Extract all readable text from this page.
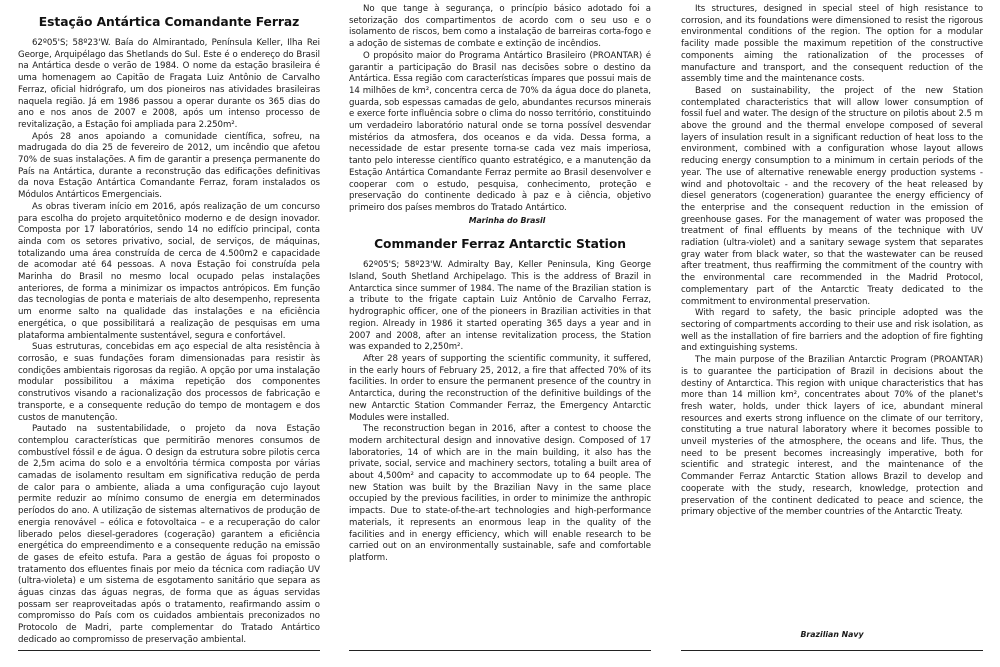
Estação Antártica Comandante Ferraz

62º05'S; 58º23'W. Baía do Almirantado, Península Keller, Ilha Rei George, Arquipélago das Shetlands do Sul. Este é o endereço do Brasil na Antártica desde o verão de 1984. O nome da estação brasileira é uma homenagem ao Capitão de Fragata Luiz Antônio de Carvalho Ferraz, oficial hidrógrafo, um dos pioneiros nas atividades brasileiras naquela região. Já em 1986 passou a operar durante os 365 dias do ano e nos anos de 2007 e 2008, após um intenso processo de revitalização, a Estação foi ampliada para 2.250m².

Após 28 anos apoiando a comunidade científica, sofreu, na madrugada do dia 25 de fevereiro de 2012, um incêndio que afetou 70% de suas instalações. A fim de garantir a presença permanente do País na Antártica, durante a reconstrução das edificações definitivas da nova Estação Antártica Comandante Ferraz, foram instalados os Módulos Antárticos Emergenciais.

As obras tiveram início em 2016, após realização de um concurso para escolha do projeto arquitetônico moderno e de design inovador. Composta por 17 laboratórios, sendo 14 no edifício principal, conta ainda com os setores privativo, social, de serviços, de máquinas, totalizando uma área construída de cerca de 4.500m2 e capacidade de acomodar até 64 pessoas. A nova Estação foi construída pela Marinha do Brasil no mesmo local ocupado pelas instalações anteriores, de forma a minimizar os impactos antrópicos. Em função das tecnologias de ponta e materiais de alto desempenho, representa um enorme salto na qualidade das instalações e na eficiência energética, o que possibilitará a realização de pesquisas em uma plataforma ambientalmente sustentável, segura e confortável.

Suas estruturas, concebidas em aço especial de alta resistência à corrosão, e suas fundações foram dimensionadas para resistir às condições ambientais rigorosas da região. A opção por uma instalação modular possibilitou a máxima repetição dos componentes construtivos visando a racionalização dos processos de fabricação e transporte, e a consequente redução do tempo de montagem e dos custos de manutenção.

Pautado na sustentabilidade, o projeto da nova Estação contemplou características que permitirão menores consumos de combustível fóssil e de água. O design da estrutura sobre pilotis cerca de 2,5m acima do solo e a envoltória térmica composta por várias camadas de isolamento resultam em significativa redução de perda de calor para o ambiente, aliada a uma configuração cujo layout permite reduzir ao mínimo consumo de energia em determinados períodos do ano. A utilização de sistemas alternativos de produção de energia renovável – eólica e fotovoltaica – e a recuperação do calor liberado pelos diesel-geradores (cogeração) garantem a eficiência energética do empreendimento e a consequente redução na emissão de gases de efeito estufa. Para a gestão de águas foi proposto o tratamento dos efluentes finais por meio da técnica com radiação UV (ultra-violeta) e um sistema de esgotamento sanitário que separa as águas cinzas das águas negras, de forma que as águas servidas possam ser reaproveitadas após o tratamento, reafirmando assim o compromisso do País com os cuidados ambientais preconizados no Protocolo de Madri, parte complementar do Tratado Antártico dedicado ao compromisso de preservação ambiental.

No que tange à segurança, o princípio básico adotado foi a setorização dos compartimentos de acordo com o seu uso e o isolamento de riscos, bem como a instalação de barreiras corta-fogo e a adoção de sistemas de combate e extinção de incêndios.

O propósito maior do Programa Antártico Brasileiro (PROANTAR) é garantir a participação do Brasil nas decisões sobre o destino da Antártica. Essa região com características ímpares que possui mais de 14 milhões de km², concentra cerca de 70% da água doce do planeta, guarda, sob espessas camadas de gelo, abundantes recursos minerais e exerce forte influência sobre o clima do nosso território, constituindo um verdadeiro laboratório natural onde se torna possível desvendar mistérios da atmosfera, dos oceanos e da vida. Dessa forma, a necessidade de estar presente torna-se cada vez mais imperiosa, tanto pelo interesse científico quanto estratégico, e a manutenção da Estação Antártica Comandante Ferraz permite ao Brasil desenvolver e cooperar com o estudo, pesquisa, conhecimento, proteção e preservação do continente dedicado à paz e à ciência, objetivo primeiro dos países membros do Tratado Antártico.

Marinha do Brasil

Commander Ferraz Antarctic Station

62º05'S; 58º23'W. Admiralty Bay, Keller Peninsula, King George Island, South Shetland Archipelago. This is the address of Brazil in Antarctica since summer of 1984. The name of the Brazilian station is a tribute to the frigate captain Luiz Antônio de Carvalho Ferraz, hydrographic officer, one of the pioneers in Brazilian activities in that region. Already in 1986 it started operating 365 days a year and in 2007 and 2008, after an intense revitalization process, the Station was expanded to 2,250m².

After 28 years of supporting the scientific community, it suffered, in the early hours of February 25, 2012, a fire that affected 70% of its facilities. In order to ensure the permanent presence of the country in Antarctica, during the reconstruction of the definitive buildings of the new Antarctic Station Commander Ferraz, the Emergency Antarctic Modules were installed.

The reconstruction began in 2016, after a contest to choose the modern architectural design and innovative design. Composed of 17 laboratories, 14 of which are in the main building, it also has the private, social, service and machinery sectors, totaling a built area of about 4,500m² and capacity to accommodate up to 64 people. The new Station was built by the Brazilian Navy in the same place occupied by the previous facilities, in order to minimize the anthropic impacts. Due to state-of-the-art technologies and high-performance materials, it represents an enormous leap in the quality of the facilities and in energy efficiency, which will enable research to be carried out on an environmentally sustainable, safe and comfortable platform.

Its structures, designed in special steel of high resistance to corrosion, and its foundations were dimensioned to resist the rigorous environmental conditions of the region. The option for a modular facility made possible the maximum repetition of the constructive components aiming the rationalization of the processes of manufacture and transport, and the consequent reduction of the assembly time and the maintenance costs.

Based on sustainability, the project of the new Station contemplated characteristics that will allow lower consumption of fossil fuel and water. The design of the structure on pilotis about 2.5 m above the ground and the thermal envelope composed of several layers of insulation result in a significant reduction of heat loss to the environment, combined with a configuration whose layout allows reducing energy consumption to a minimum in certain periods of the year. The use of alternative renewable energy production systems - wind and photovoltaic - and the recovery of the heat released by diesel generators (cogeneration) guarantee the energy efficiency of the enterprise and the consequent reduction in the emission of greenhouse gases. For the management of water was proposed the treatment of final effluents by means of the technique with UV radiation (ultra-violet) and a sanitary sewage system that separates gray water from black water, so that the wastewater can be reused after treatment, thus reaffirming the commitment of the country with the environmental care recommended in the Madrid Protocol, complementary part of the Antarctic Treaty dedicated to the commitment to environmental preservation.

With regard to safety, the basic principle adopted was the sectoring of compartments according to their use and risk isolation, as well as the installation of fire barriers and the adoption of fire fighting and extinguishing systems.

The main purpose of the Brazilian Antarctic Program (PROANTAR) is to guarantee the participation of Brazil in decisions about the destiny of Antarctica. This region with unique characteristics that has more than 14 million km², concentrates about 70% of the planet's fresh water, holds, under thick layers of ice, abundant mineral resources and exerts strong influence on the climate of our territory, constituting a true natural laboratory where it becomes possible to unveil mysteries of the atmosphere, the oceans and life. Thus, the need to be present becomes increasingly imperative, both for scientific and strategic interest, and the maintenance of the Commander Ferraz Antarctic Station allows Brazil to develop and cooperate with the study, research, knowledge, protection and preservation of the continent dedicated to peace and science, the primary objective of the member countries of the Antarctic Treaty.

Brazilian Navy
